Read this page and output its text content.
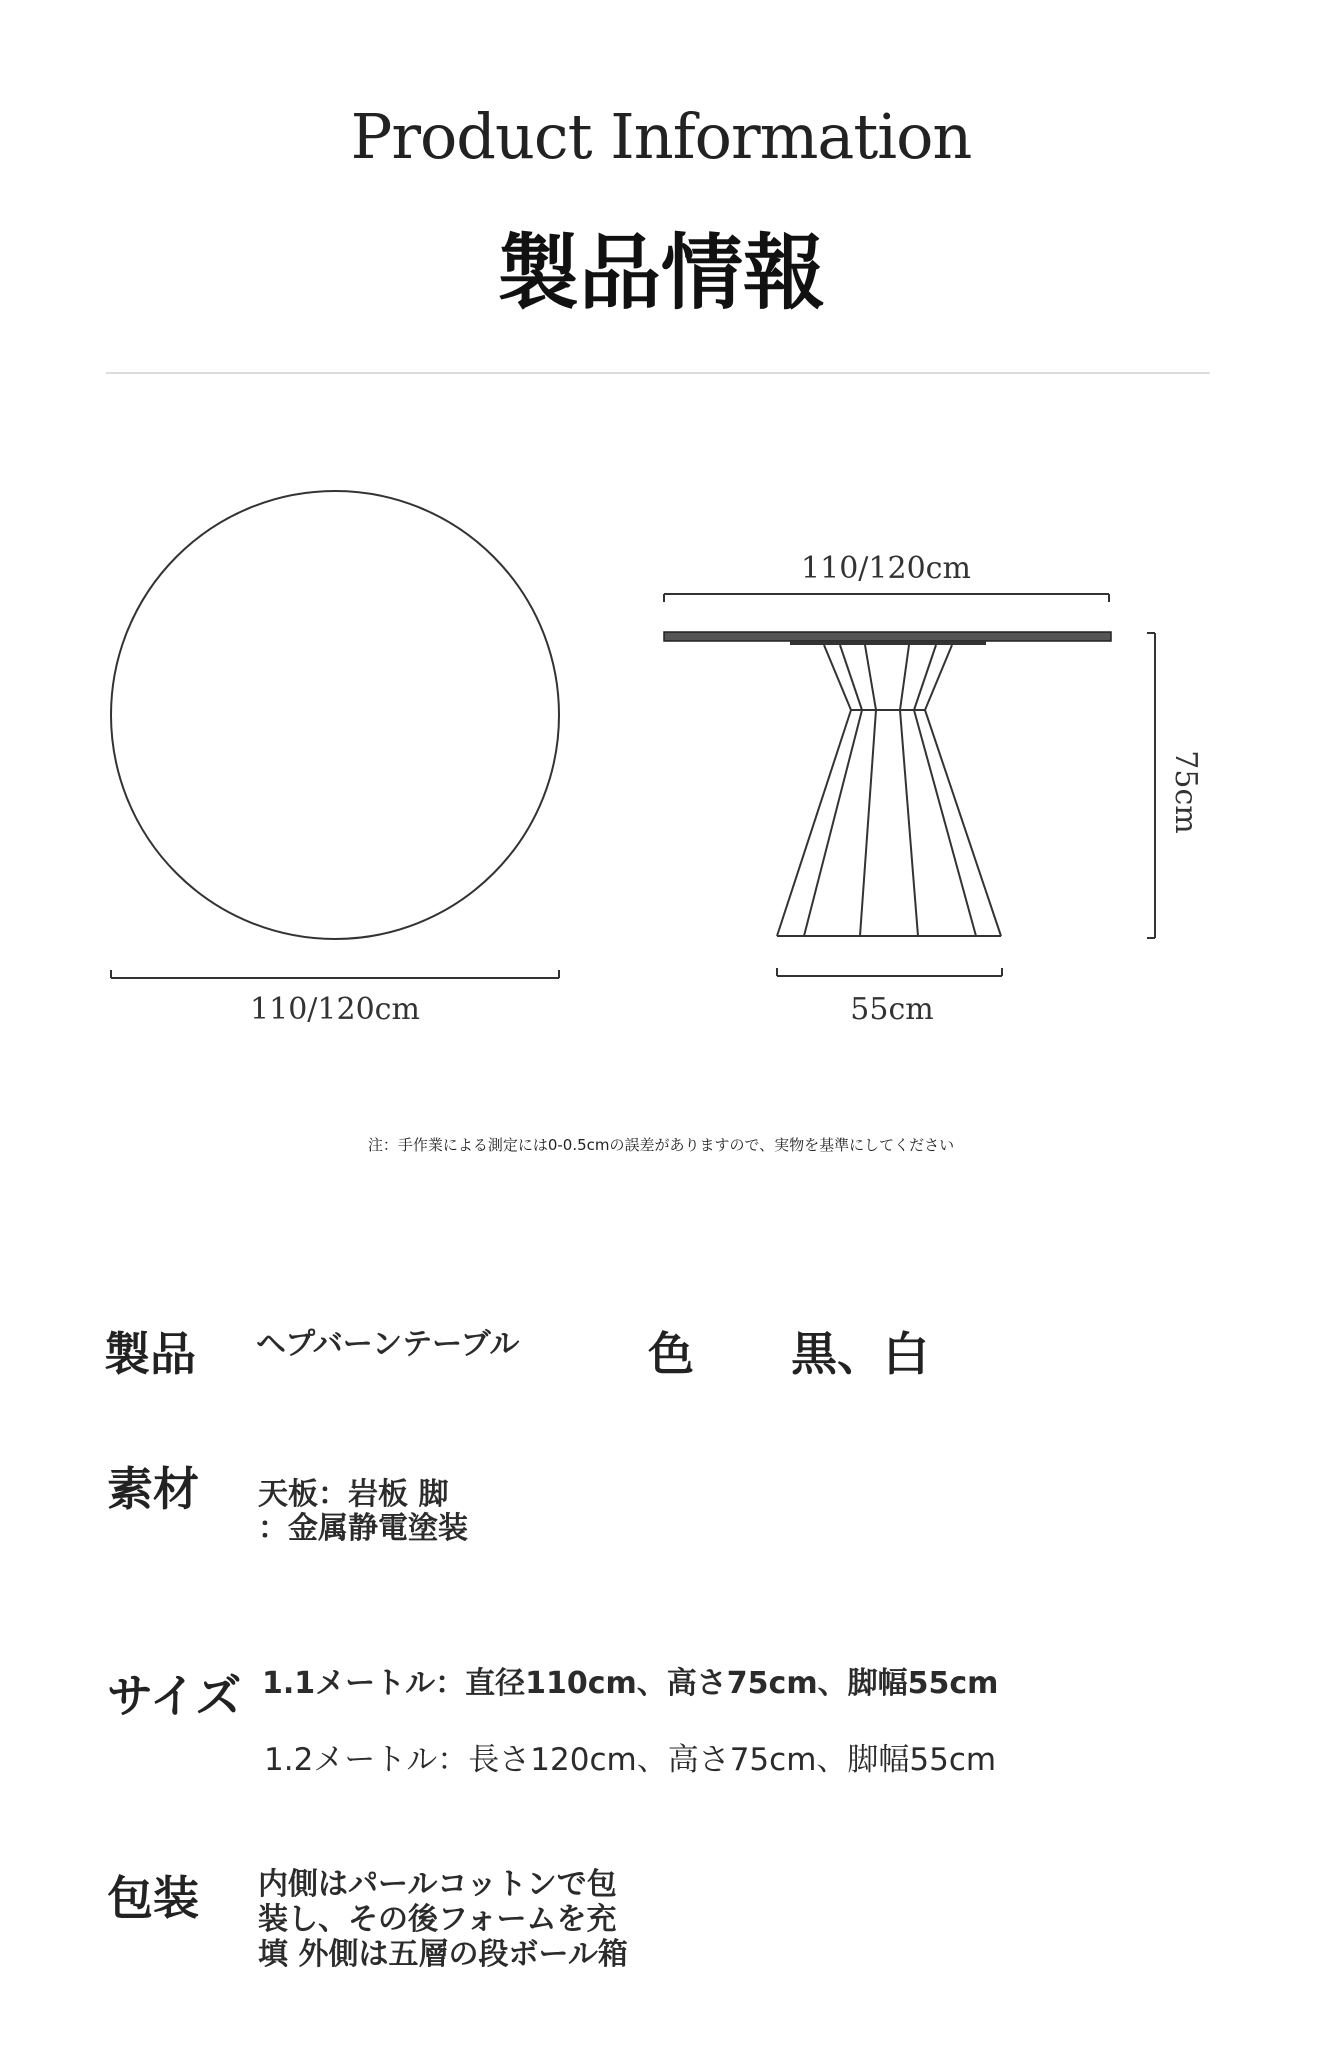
Product Information
製品情報
110/120cm
110/120cm
75cm
55cm
注：手作業による測定には0-0.5cmの誤差がありますので、実物を基準にしてください
製品 ヘプバーンテーブル	色 黒、白
素材 天板：岩板 脚
：金属静電塗装
サイズ 1.1メートル：直径110cm、高さ75cm、脚幅55cm
1.2メートル：長さ120cm、高さ75cm、脚幅55cm
包装 内側はパールコットンで包
装し、その後フォームを充
填 外側は五層の段ボール箱
